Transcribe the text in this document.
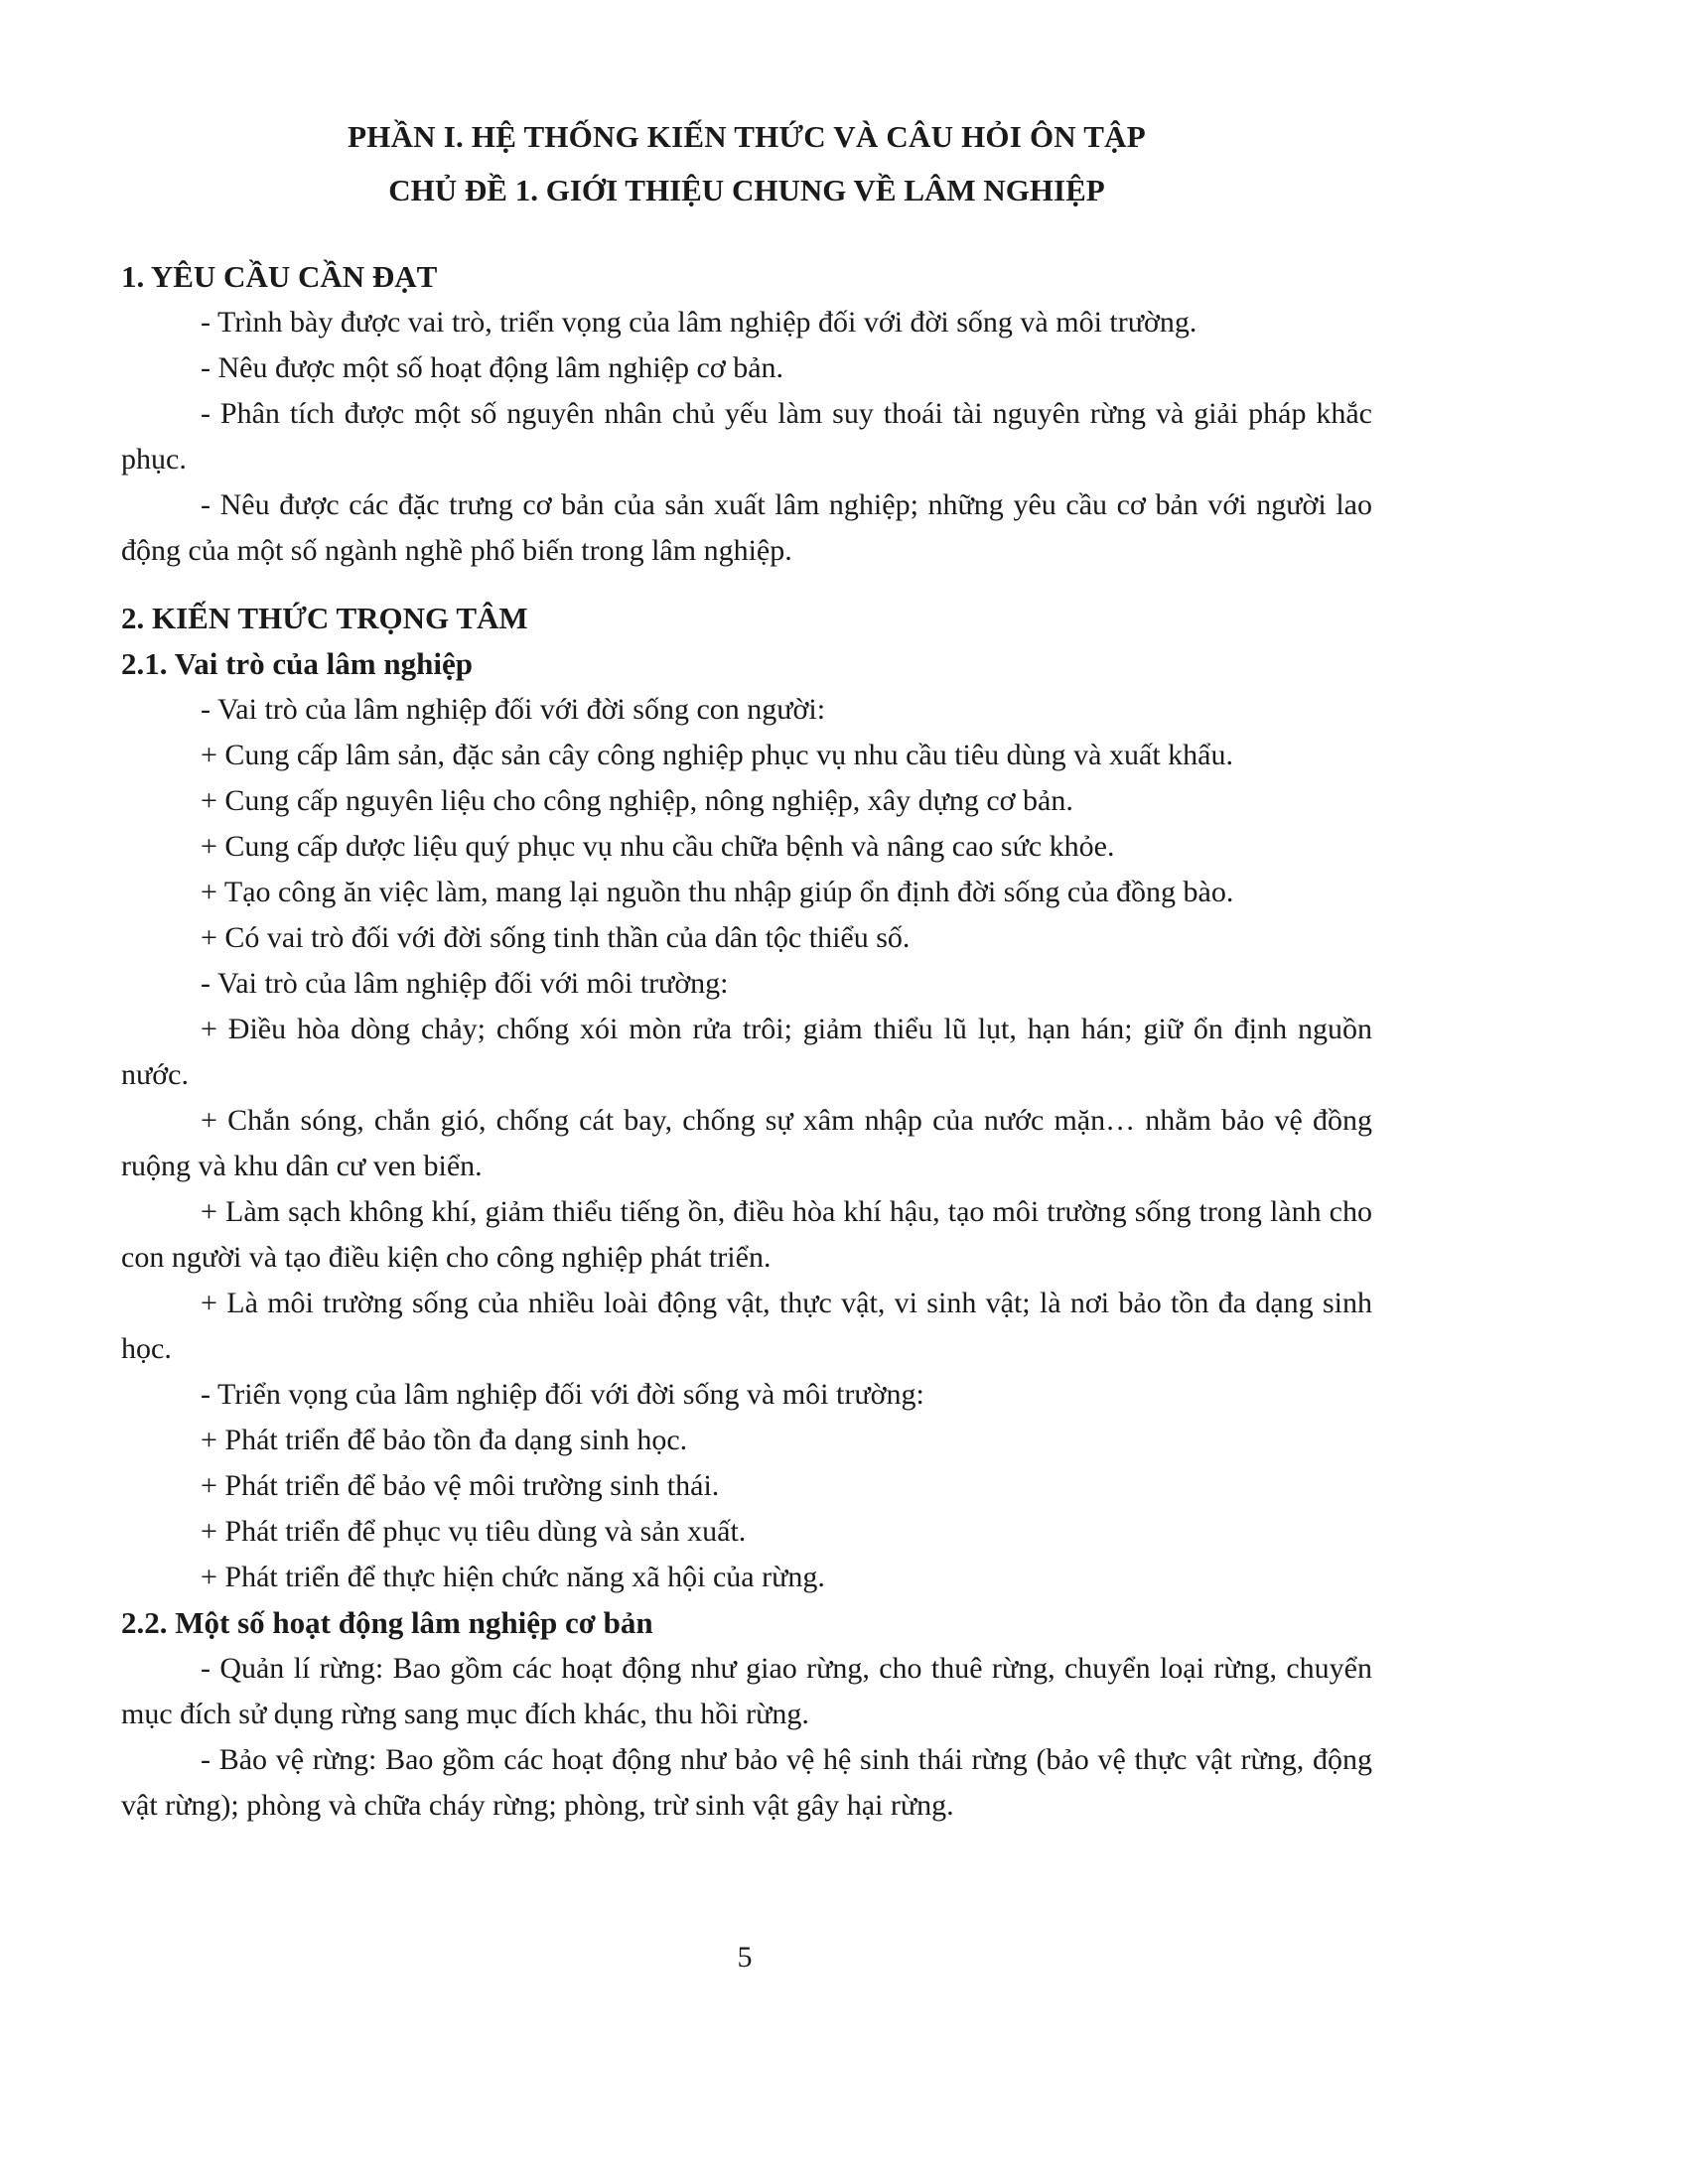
PHẦN I. HỆ THỐNG KIẾN THỨC VÀ CÂU HỎI ÔN TẬP
CHỦ ĐỀ 1. GIỚI THIỆU CHUNG VỀ LÂM NGHIỆP
1. YÊU CẦU CẦN ĐẠT

- Trình bày được vai trò, triển vọng của lâm nghiệp đối với đời sống và môi trường.

- Nêu được một số hoạt động lâm nghiệp cơ bản.

- Phân tích được một số nguyên nhân chủ yếu làm suy thoái tài nguyên rừng và giải pháp khắc phục.

- Nêu được các đặc trưng cơ bản của sản xuất lâm nghiệp; những yêu cầu cơ bản với người lao động của một số ngành nghề phổ biến trong lâm nghiệp.

2. KIẾN THỨC TRỌNG TÂM
2.1. Vai trò của lâm nghiệp

- Vai trò của lâm nghiệp đối với đời sống con người:

+ Cung cấp lâm sản, đặc sản cây công nghiệp phục vụ nhu cầu tiêu dùng và xuất khẩu.

+ Cung cấp nguyên liệu cho công nghiệp, nông nghiệp, xây dựng cơ bản.

+ Cung cấp dược liệu quý phục vụ nhu cầu chữa bệnh và nâng cao sức khỏe.

+ Tạo công ăn việc làm, mang lại nguồn thu nhập giúp ổn định đời sống của đồng bào.

+ Có vai trò đối với đời sống tinh thần của dân tộc thiểu số.

- Vai trò của lâm nghiệp đối với môi trường:

+ Điều hòa dòng chảy; chống xói mòn rửa trôi; giảm thiểu lũ lụt, hạn hán; giữ ổn định nguồn nước.

+ Chắn sóng, chắn gió, chống cát bay, chống sự xâm nhập của nước mặn… nhằm bảo vệ đồng ruộng và khu dân cư ven biển.

+ Làm sạch không khí, giảm thiểu tiếng ồn, điều hòa khí hậu, tạo môi trường sống trong lành cho con người và tạo điều kiện cho công nghiệp phát triển.

+ Là môi trường sống của nhiều loài động vật, thực vật, vi sinh vật; là nơi bảo tồn đa dạng sinh học.

- Triển vọng của lâm nghiệp đối với đời sống và môi trường:

+ Phát triển để bảo tồn đa dạng sinh học.

+ Phát triển để bảo vệ môi trường sinh thái.

+ Phát triển để phục vụ tiêu dùng và sản xuất.

+ Phát triển để thực hiện chức năng xã hội của rừng.

2.2. Một số hoạt động lâm nghiệp cơ bản

- Quản lí rừng: Bao gồm các hoạt động như giao rừng, cho thuê rừng, chuyển loại rừng, chuyển mục đích sử dụng rừng sang mục đích khác, thu hồi rừng.

- Bảo vệ rừng: Bao gồm các hoạt động như bảo vệ hệ sinh thái rừng (bảo vệ thực vật rừng, động vật rừng); phòng và chữa cháy rừng; phòng, trừ sinh vật gây hại rừng.

5
